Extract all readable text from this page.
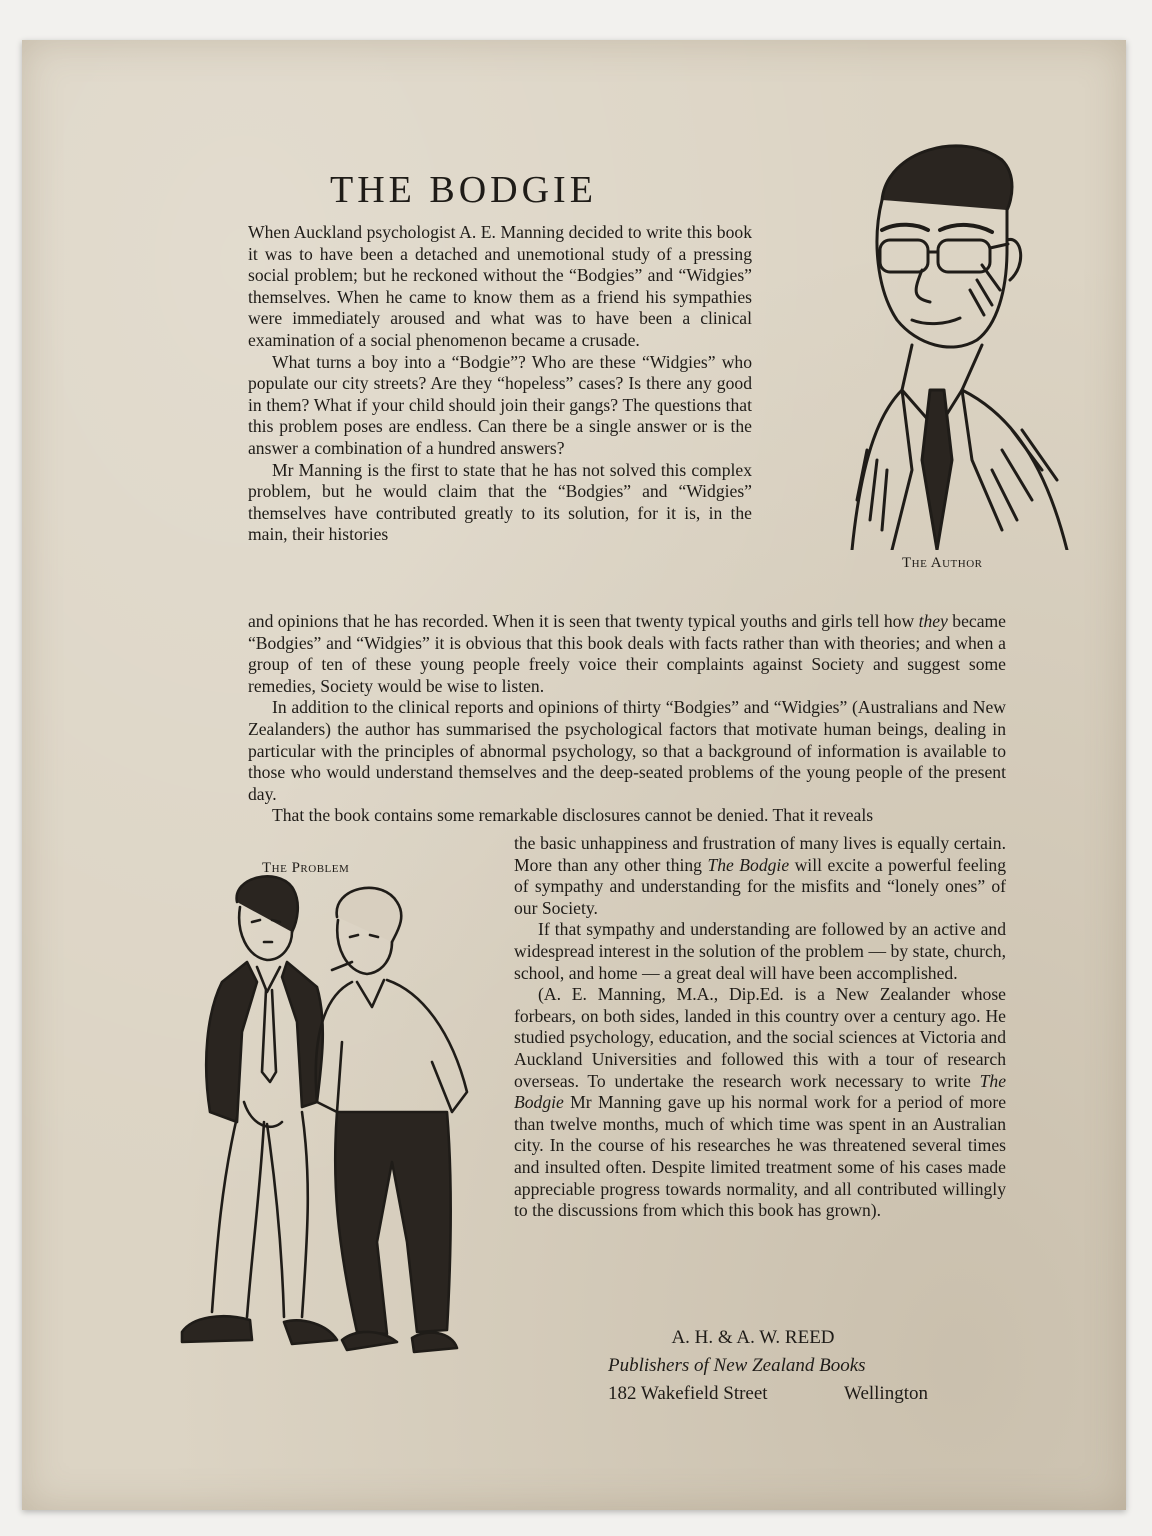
THE BODGIE

The Author

When Auckland psychologist A. E. Manning decided to write this book it was to have been a detached and unemotional study of a pressing social problem; but he reckoned without the “Bodgies” and “Widgies” themselves. When he came to know them as a friend his sympathies were immediately aroused and what was to have been a clinical examination of a social phenomenon became a crusade.

What turns a boy into a “Bodgie”? Who are these “Widgies” who populate our city streets? Are they “hopeless” cases? Is there any good in them? What if your child should join their gangs? The questions that this problem poses are endless. Can there be a single answer or is the answer a combination of a hundred answers?

Mr Manning is the first to state that he has not solved this complex problem, but he would claim that the “Bodgies” and “Widgies” themselves have contributed greatly to its solution, for it is, in the main, their histories

and opinions that he has recorded. When it is seen that twenty typical youths and girls tell how they became “Bodgies” and “Widgies” it is obvious that this book deals with facts rather than with theories; and when a group of ten of these young people freely voice their complaints against Society and suggest some remedies, Society would be wise to listen.

In addition to the clinical reports and opinions of thirty “Bodgies” and “Widgies” (Australians and New Zealanders) the author has summarised the psychological factors that motivate human beings, dealing in particular with the principles of abnormal psychology, so that a background of information is available to those who would understand themselves and the deep-seated problems of the young people of the present day.

That the book contains some remarkable disclosures cannot be denied. That it reveals

the basic unhappiness and frustration of many lives is equally certain. More than any other thing The Bodgie will excite a powerful feeling of sympathy and understanding for the misfits and “lonely ones” of our Society.

If that sympathy and understanding are followed by an active and widespread interest in the solution of the problem — by state, church, school, and home — a great deal will have been accomplished.

(A. E. Manning, M.A., Dip.Ed. is a New Zealander whose forbears, on both sides, landed in this country over a century ago. He studied psychology, education, and the social sciences at Victoria and Auckland Universities and followed this with a tour of research overseas. To undertake the research work necessary to write The Bodgie Mr Manning gave up his normal work for a period of more than twelve months, much of which time was spent in an Australian city. In the course of his researches he was threatened several times and insulted often. Despite limited treatment some of his cases made appreciable progress towards normality, and all contributed willingly to the discussions from which this book has grown).

The Problem

A. H. & A. W. REED
Publishers of New Zealand Books
182 Wakefield Street	Wellington
